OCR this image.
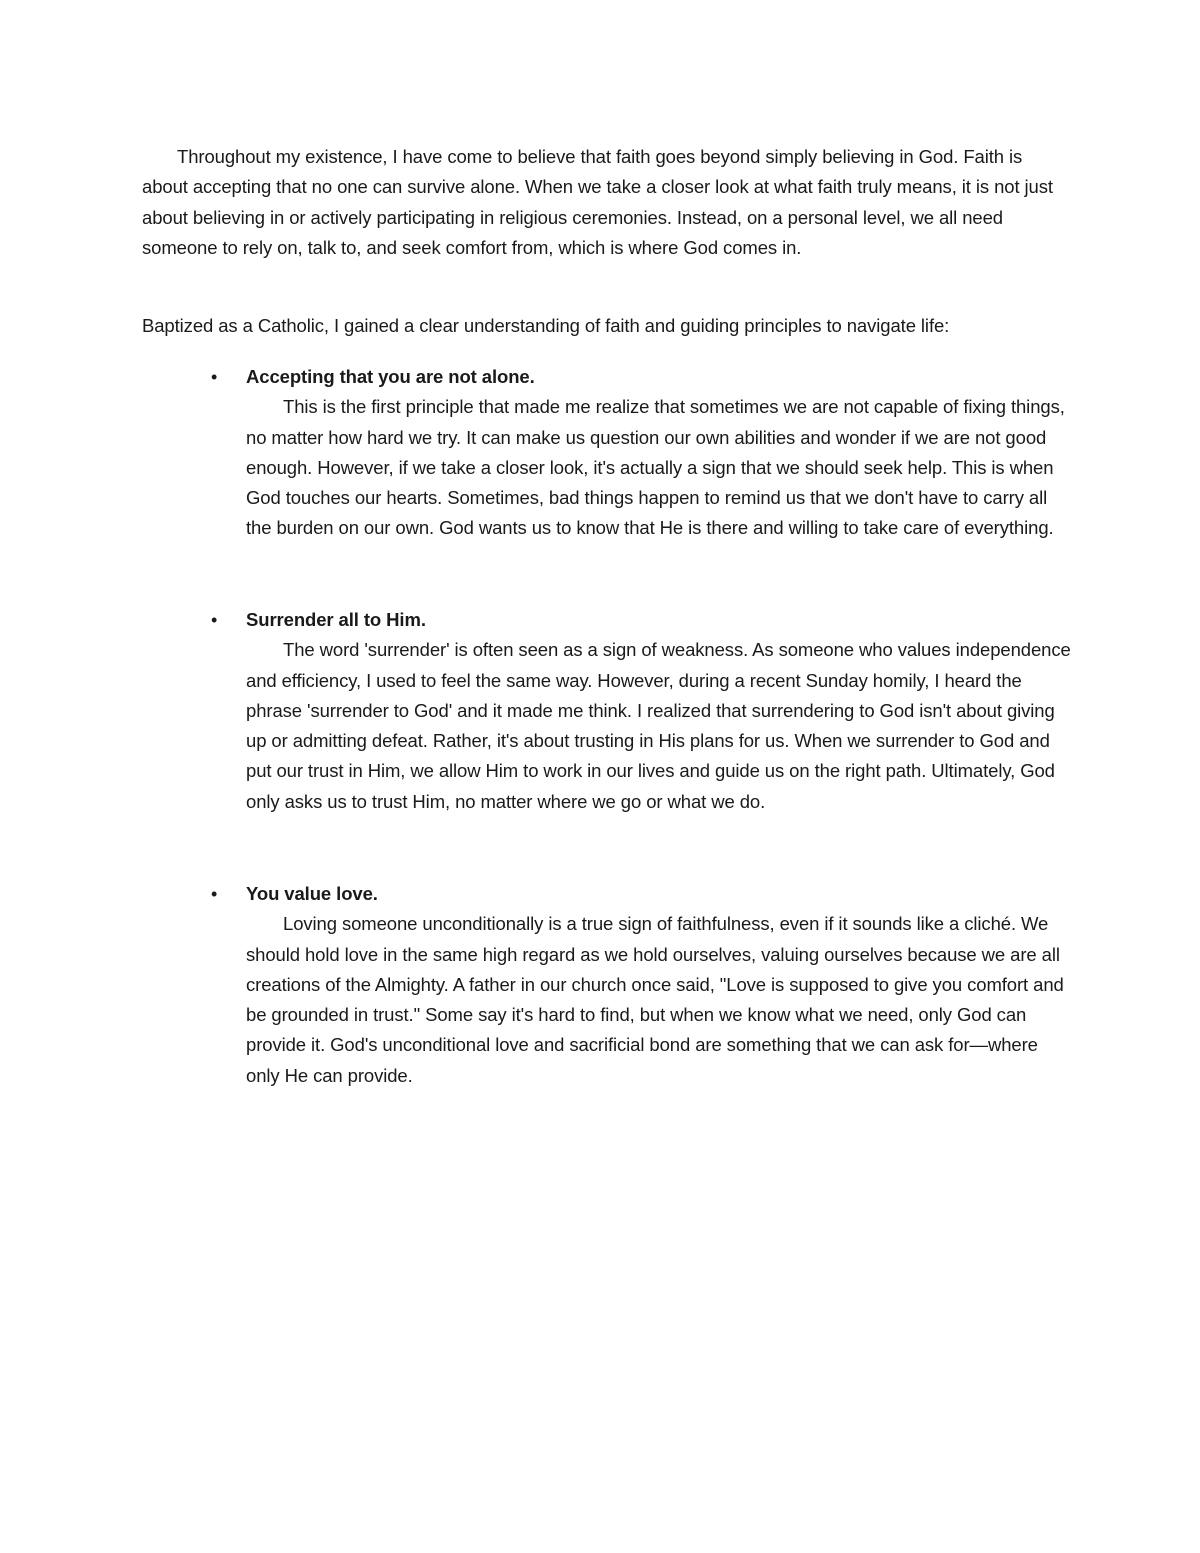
Throughout my existence, I have come to believe that faith goes beyond simply believing in God. Faith is about accepting that no one can survive alone. When we take a closer look at what faith truly means, it is not just about believing in or actively participating in religious ceremonies. Instead, on a personal level, we all need someone to rely on, talk to, and seek comfort from, which is where God comes in.

Baptized as a Catholic, I gained a clear understanding of faith and guiding principles to navigate life:

• Accepting that you are not alone.
This is the first principle that made me realize that sometimes we are not capable of fixing things, no matter how hard we try. It can make us question our own abilities and wonder if we are not good enough. However, if we take a closer look, it's actually a sign that we should seek help. This is when God touches our hearts. Sometimes, bad things happen to remind us that we don't have to carry all the burden on our own. God wants us to know that He is there and willing to take care of everything.
• Surrender all to Him.
The word 'surrender' is often seen as a sign of weakness. As someone who values independence and efficiency, I used to feel the same way. However, during a recent Sunday homily, I heard the phrase 'surrender to God' and it made me think. I realized that surrendering to God isn't about giving up or admitting defeat. Rather, it's about trusting in His plans for us. When we surrender to God and put our trust in Him, we allow Him to work in our lives and guide us on the right path. Ultimately, God only asks us to trust Him, no matter where we go or what we do.
• You value love.
Loving someone unconditionally is a true sign of faithfulness, even if it sounds like a cliché. We should hold love in the same high regard as we hold ourselves, valuing ourselves because we are all creations of the Almighty. A father in our church once said, "Love is supposed to give you comfort and be grounded in trust." Some say it's hard to find, but when we know what we need, only God can provide it. God's unconditional love and sacrificial bond are something that we can ask for—where only He can provide.
